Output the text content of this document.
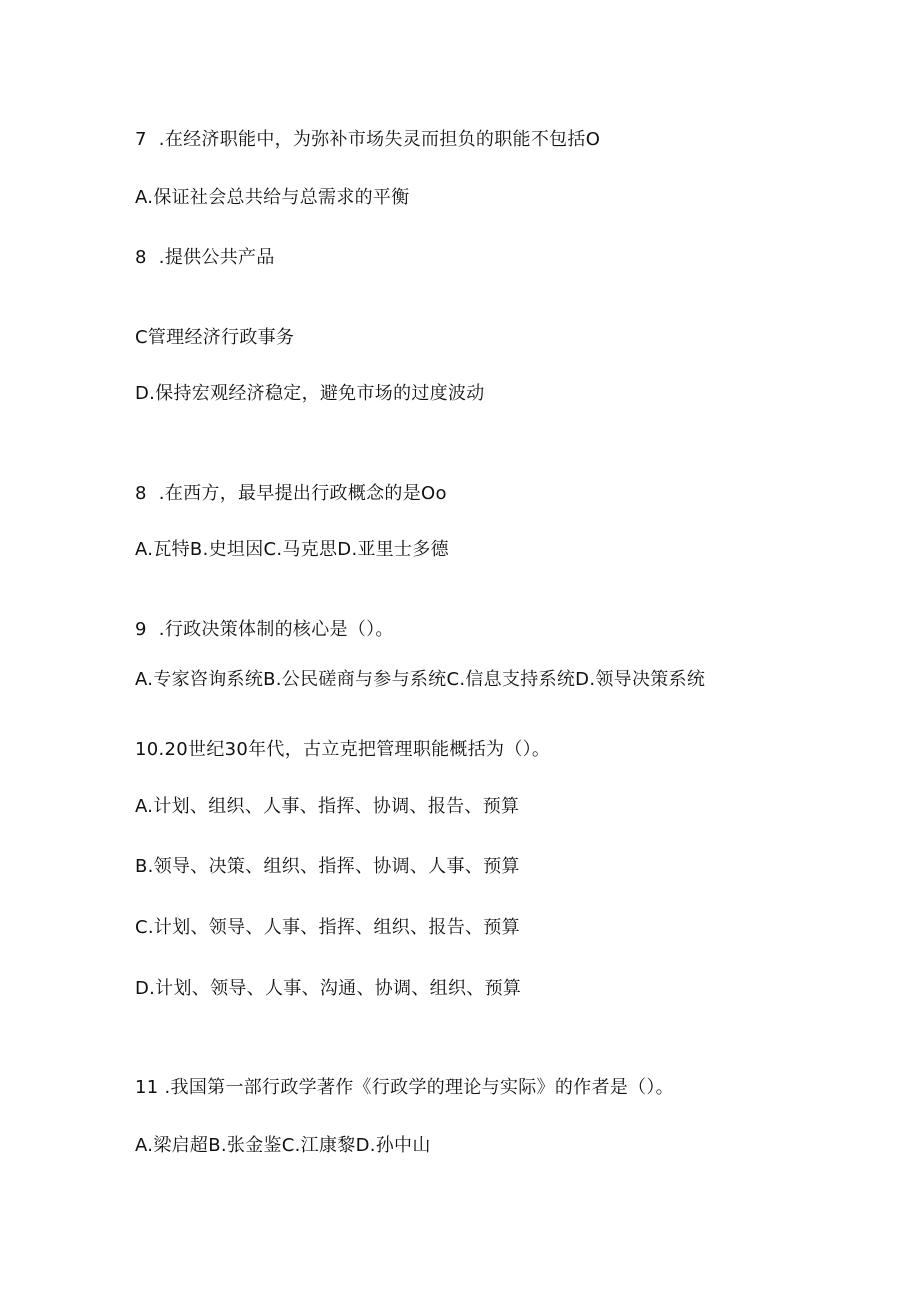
7  .在经济职能中，为弥补市场失灵而担负的职能不包括O
A.保证社会总共给与总需求的平衡
8  .提供公共产品
C管理经济行政事务
D.保持宏观经济稳定，避免市场的过度波动
8  .在西方，最早提出行政概念的是Oo
A.瓦特B.史坦因C.马克思D.亚里士多德
9  .行政决策体制的核心是（）。
A.专家咨询系统B.公民磋商与参与系统C.信息支持系统D.领导决策系统
10.20世纪30年代，古立克把管理职能概括为（）。
A.计划、组织、人事、指挥、协调、报告、预算
B.领导、决策、组织、指挥、协调、人事、预算
C.计划、领导、人事、指挥、组织、报告、预算
D.计划、领导、人事、沟通、协调、组织、预算
11 .我国第一部行政学著作《行政学的理论与实际》的作者是（）。
A.梁启超B.张金鉴C.江康黎D.孙中山
